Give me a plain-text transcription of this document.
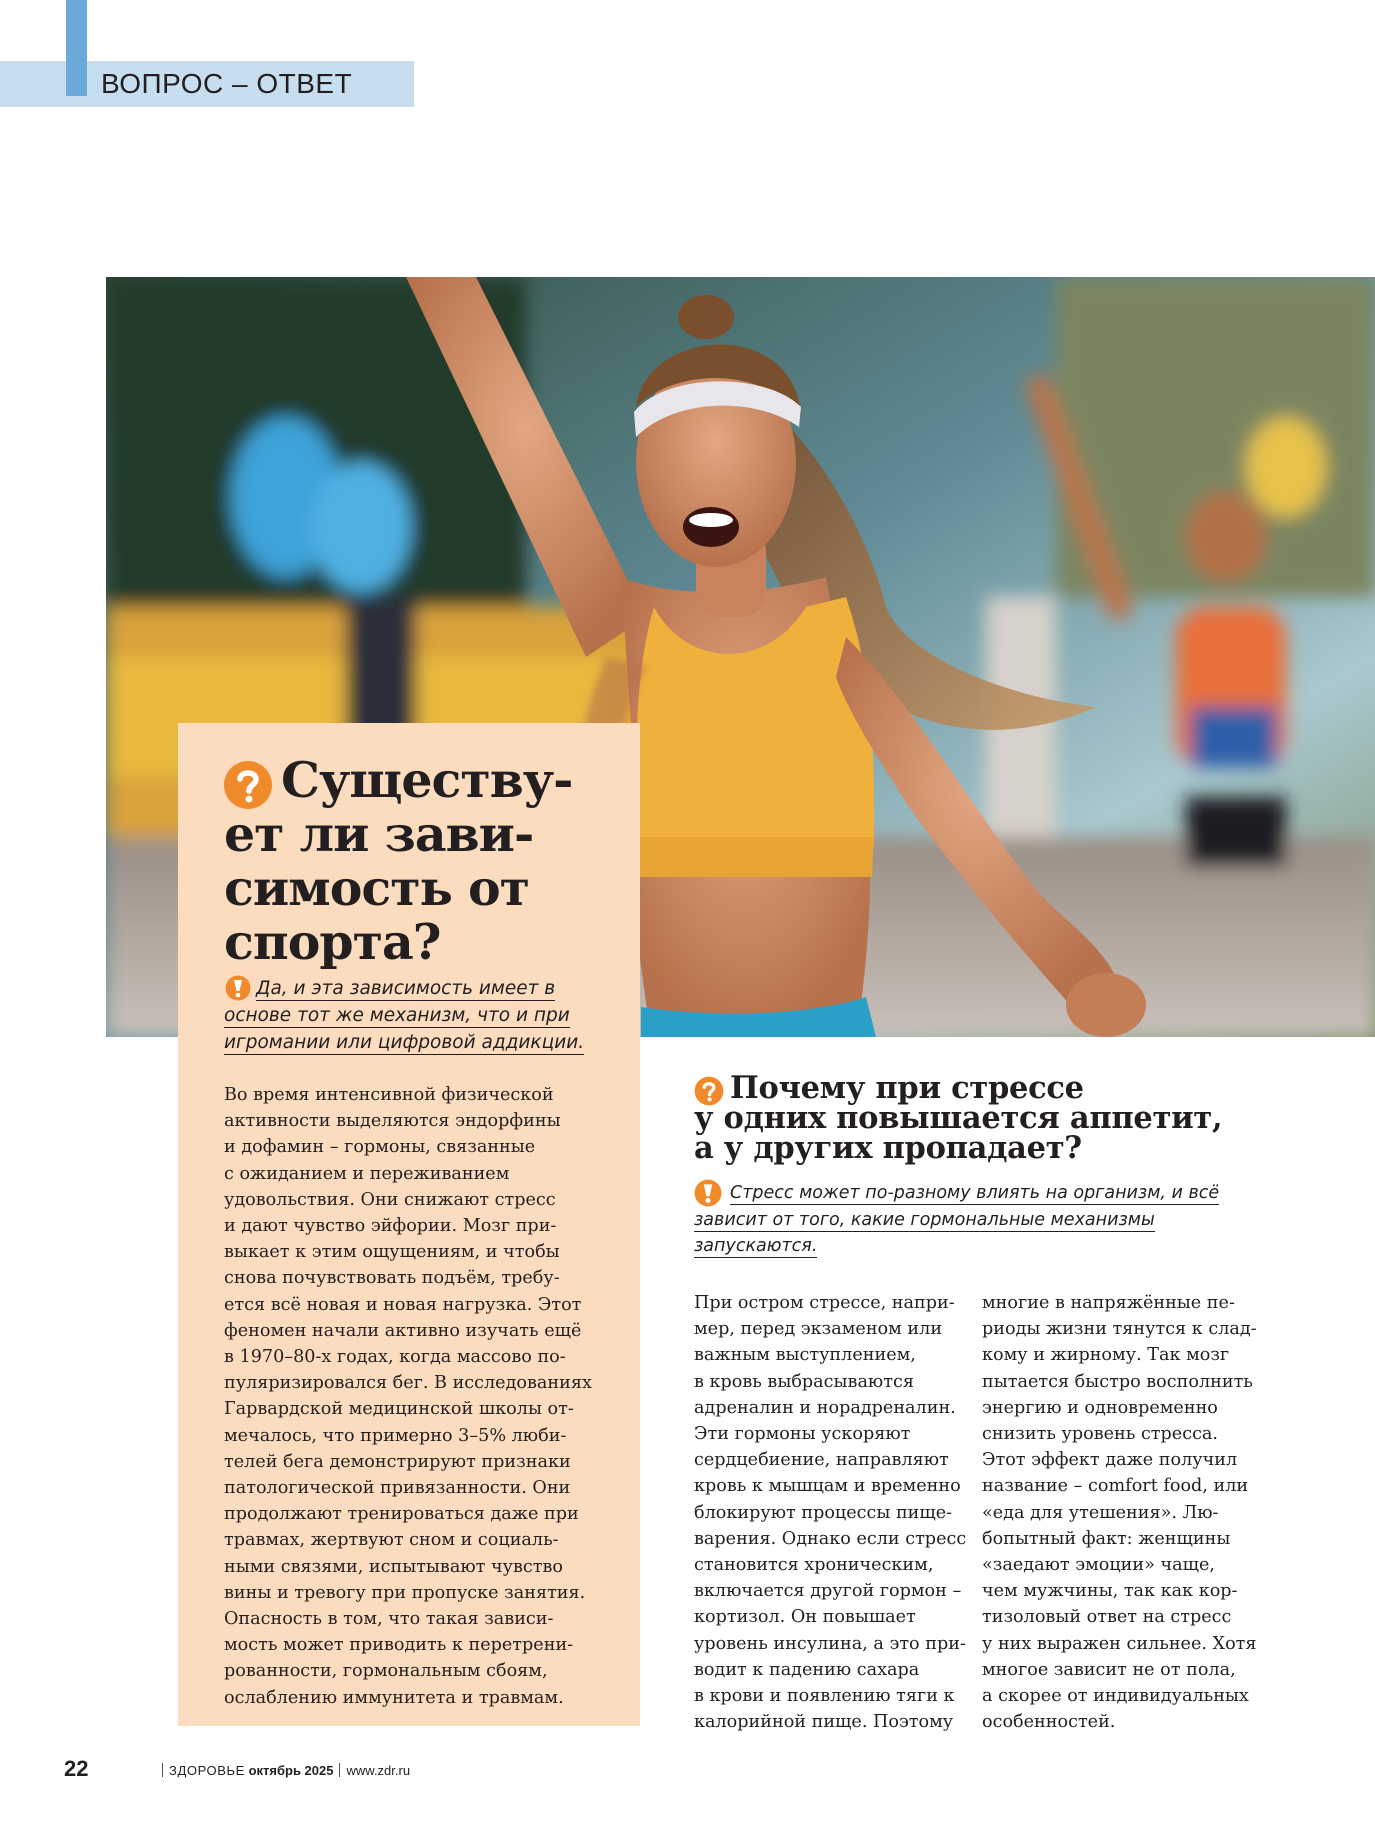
ВОПРОС – ОТВЕТ
Существу-ет ли зави-симость от спорта?
Да, и эта зависимость имеет в основе тот же механизм, что и при игромании или цифровой аддикции.
Во время интенсивной физической
активности выделяются эндорфины
и дофамин – гормоны, связанные
с ожиданием и переживанием
удовольствия. Они снижают стресс
и дают чувство эйфории. Мозг при-
выкает к этим ощущениям, и чтобы
снова почувствовать подъём, требу-
ется всё новая и новая нагрузка. Этот
феномен начали активно изучать ещё
в 1970–80-х годах, когда массово по-
пуляризировался бег. В исследованиях
Гарвардской медицинской школы от-
мечалось, что примерно 3–5% люби-
телей бега демонстрируют признаки
патологической привязанности. Они
продолжают тренироваться даже при
травмах, жертвуют сном и социаль-
ными связями, испытывают чувство
вины и тревогу при пропуске занятия.
Опасность в том, что такая зависи-
мость может приводить к перетрени-
рованности, гормональным сбоям,
ослаблению иммунитета и травмам.
Почему при стрессе
у одних повышается аппетит,
а у других пропадает?
Стресс может по-разному влиять на организм, и всё зависит от того, какие гормональные механизмы запускаются.
При остром стрессе, напри-
мер, перед экзаменом или
важным выступлением,
в кровь выбрасываются
адреналин и норадреналин.
Эти гормоны ускоряют
сердцебиение, направляют
кровь к мышцам и временно
блокируют процессы пище-
варения. Однако если стресс
становится хроническим,
включается другой гормон –
кортизол. Он повышает
уровень инсулина, а это при-
водит к падению сахара
в крови и появлению тяги к
калорийной пище. Поэтому
многие в напряжённые пе-
риоды жизни тянутся к слад-
кому и жирному. Так мозг
пытается быстро восполнить
энергию и одновременно
снизить уровень стресса.
Этот эффект даже получил
название – comfort food, или
«еда для утешения». Лю-
бопытный факт: женщины
«заедают эмоции» чаще,
чем мужчины, так как кор-
тизоловый ответ на стресс
у них выражен сильнее. Хотя
многое зависит не от пола,
а скорее от индивидуальных
особенностей.
22	ЗДОРОВЬЕ октябрь 2025 www.zdr.ru
